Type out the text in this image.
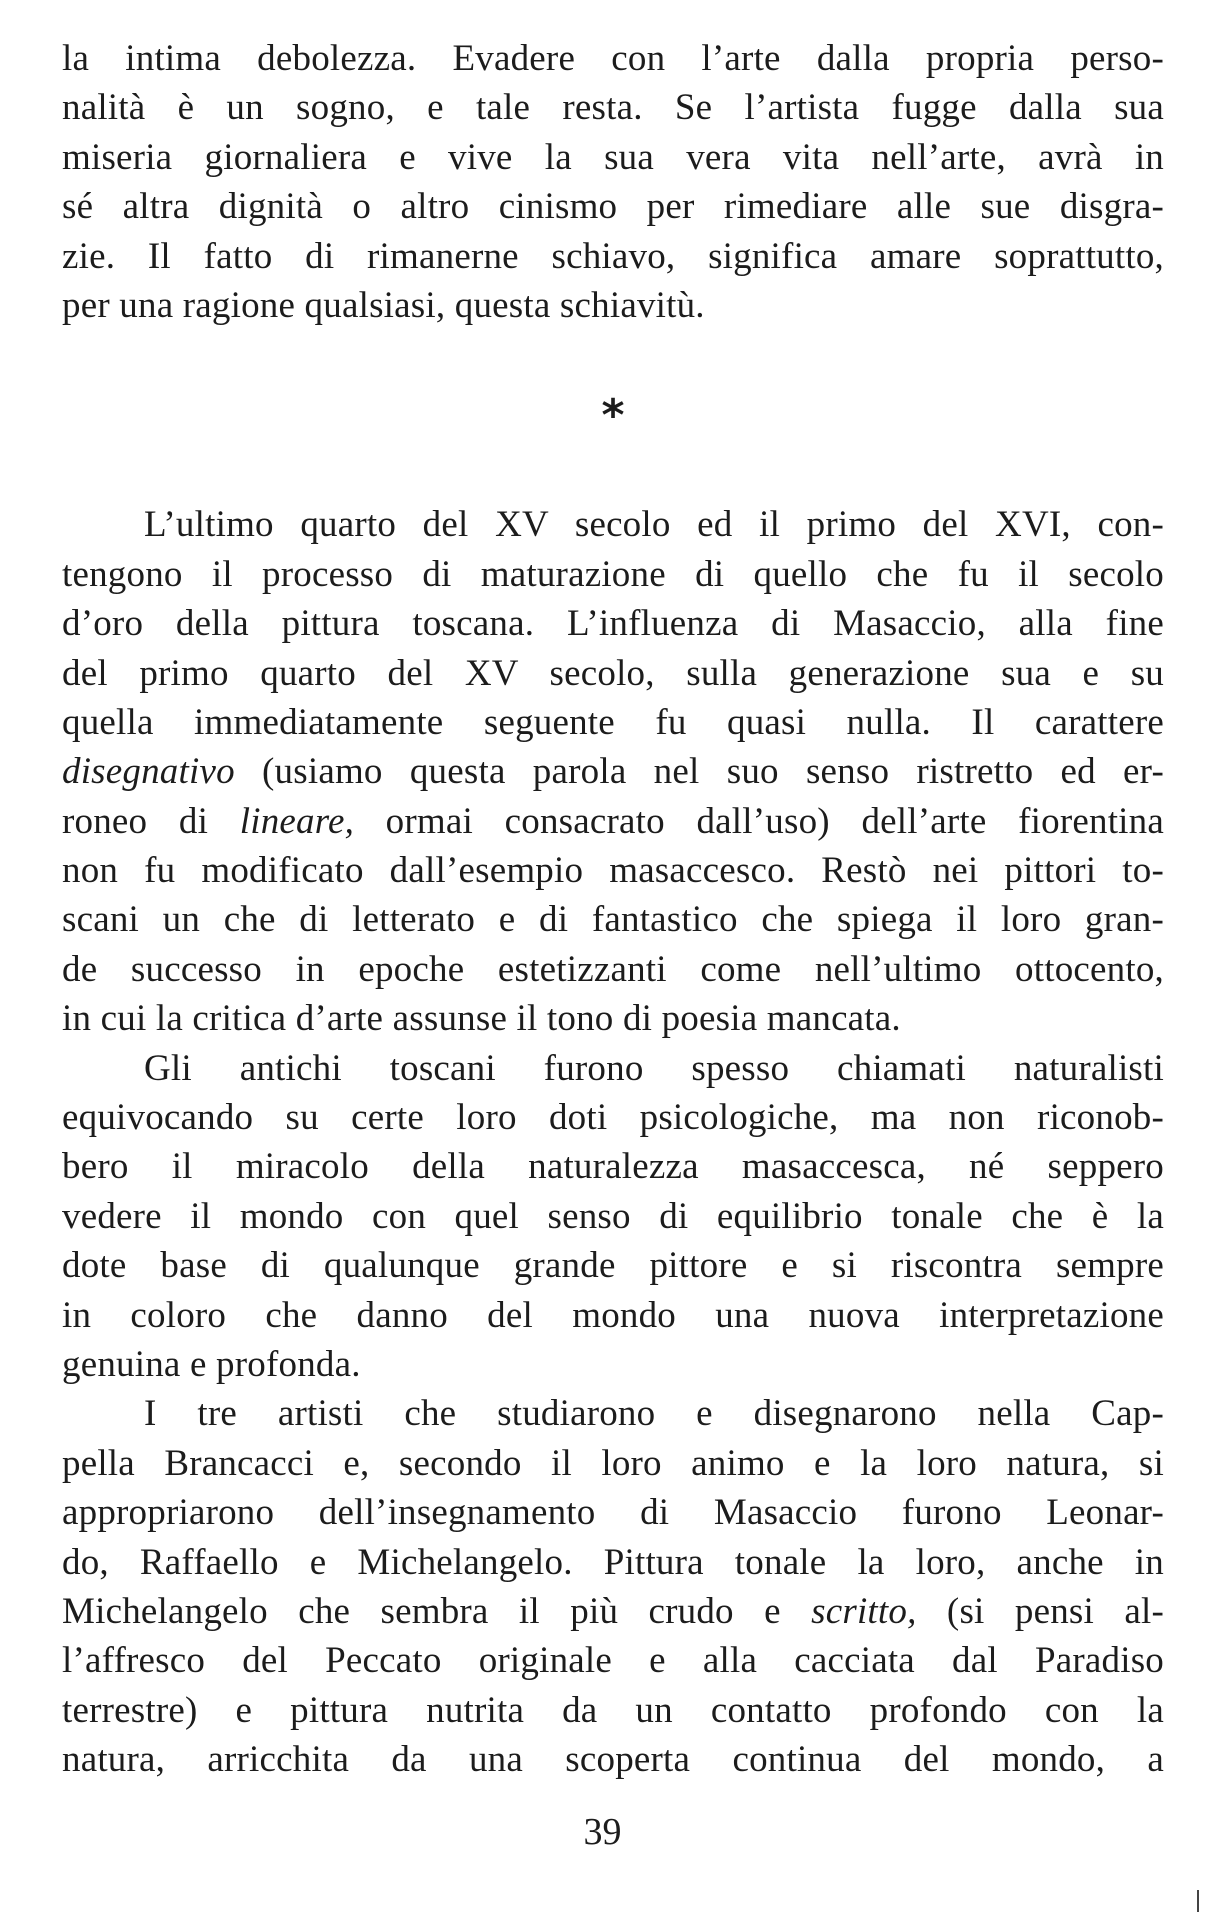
la intima debolezza. Evadere con l’arte dalla propria perso-
nalità è un sogno, e tale resta. Se l’artista fugge dalla sua
miseria giornaliera e vive la sua vera vita nell’arte, avrà in
sé altra dignità o altro cinismo per rimediare alle sue disgra-
zie. Il fatto di rimanerne schiavo, significa amare soprattutto,
per una ragione qualsiasi, questa schiavitù.
*
L’ultimo quarto del XV secolo ed il primo del XVI, con-
tengono il processo di maturazione di quello che fu il secolo
d’oro della pittura toscana. L’influenza di Masaccio, alla fine
del primo quarto del XV secolo, sulla generazione sua e su
quella immediatamente seguente fu quasi nulla. Il carattere
disegnativo (usiamo questa parola nel suo senso ristretto ed er-
roneo di lineare, ormai consacrato dall’uso) dell’arte fiorentina
non fu modificato dall’esempio masaccesco. Restò nei pittori to-
scani un che di letterato e di fantastico che spiega il loro gran-
de successo in epoche estetizzanti come nell’ultimo ottocento,
in cui la critica d’arte assunse il tono di poesia mancata.
Gli antichi toscani furono spesso chiamati naturalisti
equivocando su certe loro doti psicologiche, ma non riconob-
bero il miracolo della naturalezza masaccesca, né seppero
vedere il mondo con quel senso di equilibrio tonale che è la
dote base di qualunque grande pittore e si riscontra sempre
in coloro che danno del mondo una nuova interpretazione
genuina e profonda.
I tre artisti che studiarono e disegnarono nella Cap-
pella Brancacci e, secondo il loro animo e la loro natura, si
appropriarono dell’insegnamento di Masaccio furono Leonar-
do, Raffaello e Michelangelo. Pittura tonale la loro, anche in
Michelangelo che sembra il più crudo e scritto, (si pensi al-
l’affresco del Peccato originale e alla cacciata dal Paradiso
terrestre) e pittura nutrita da un contatto profondo con la
natura, arricchita da una scoperta continua del mondo, a
39
